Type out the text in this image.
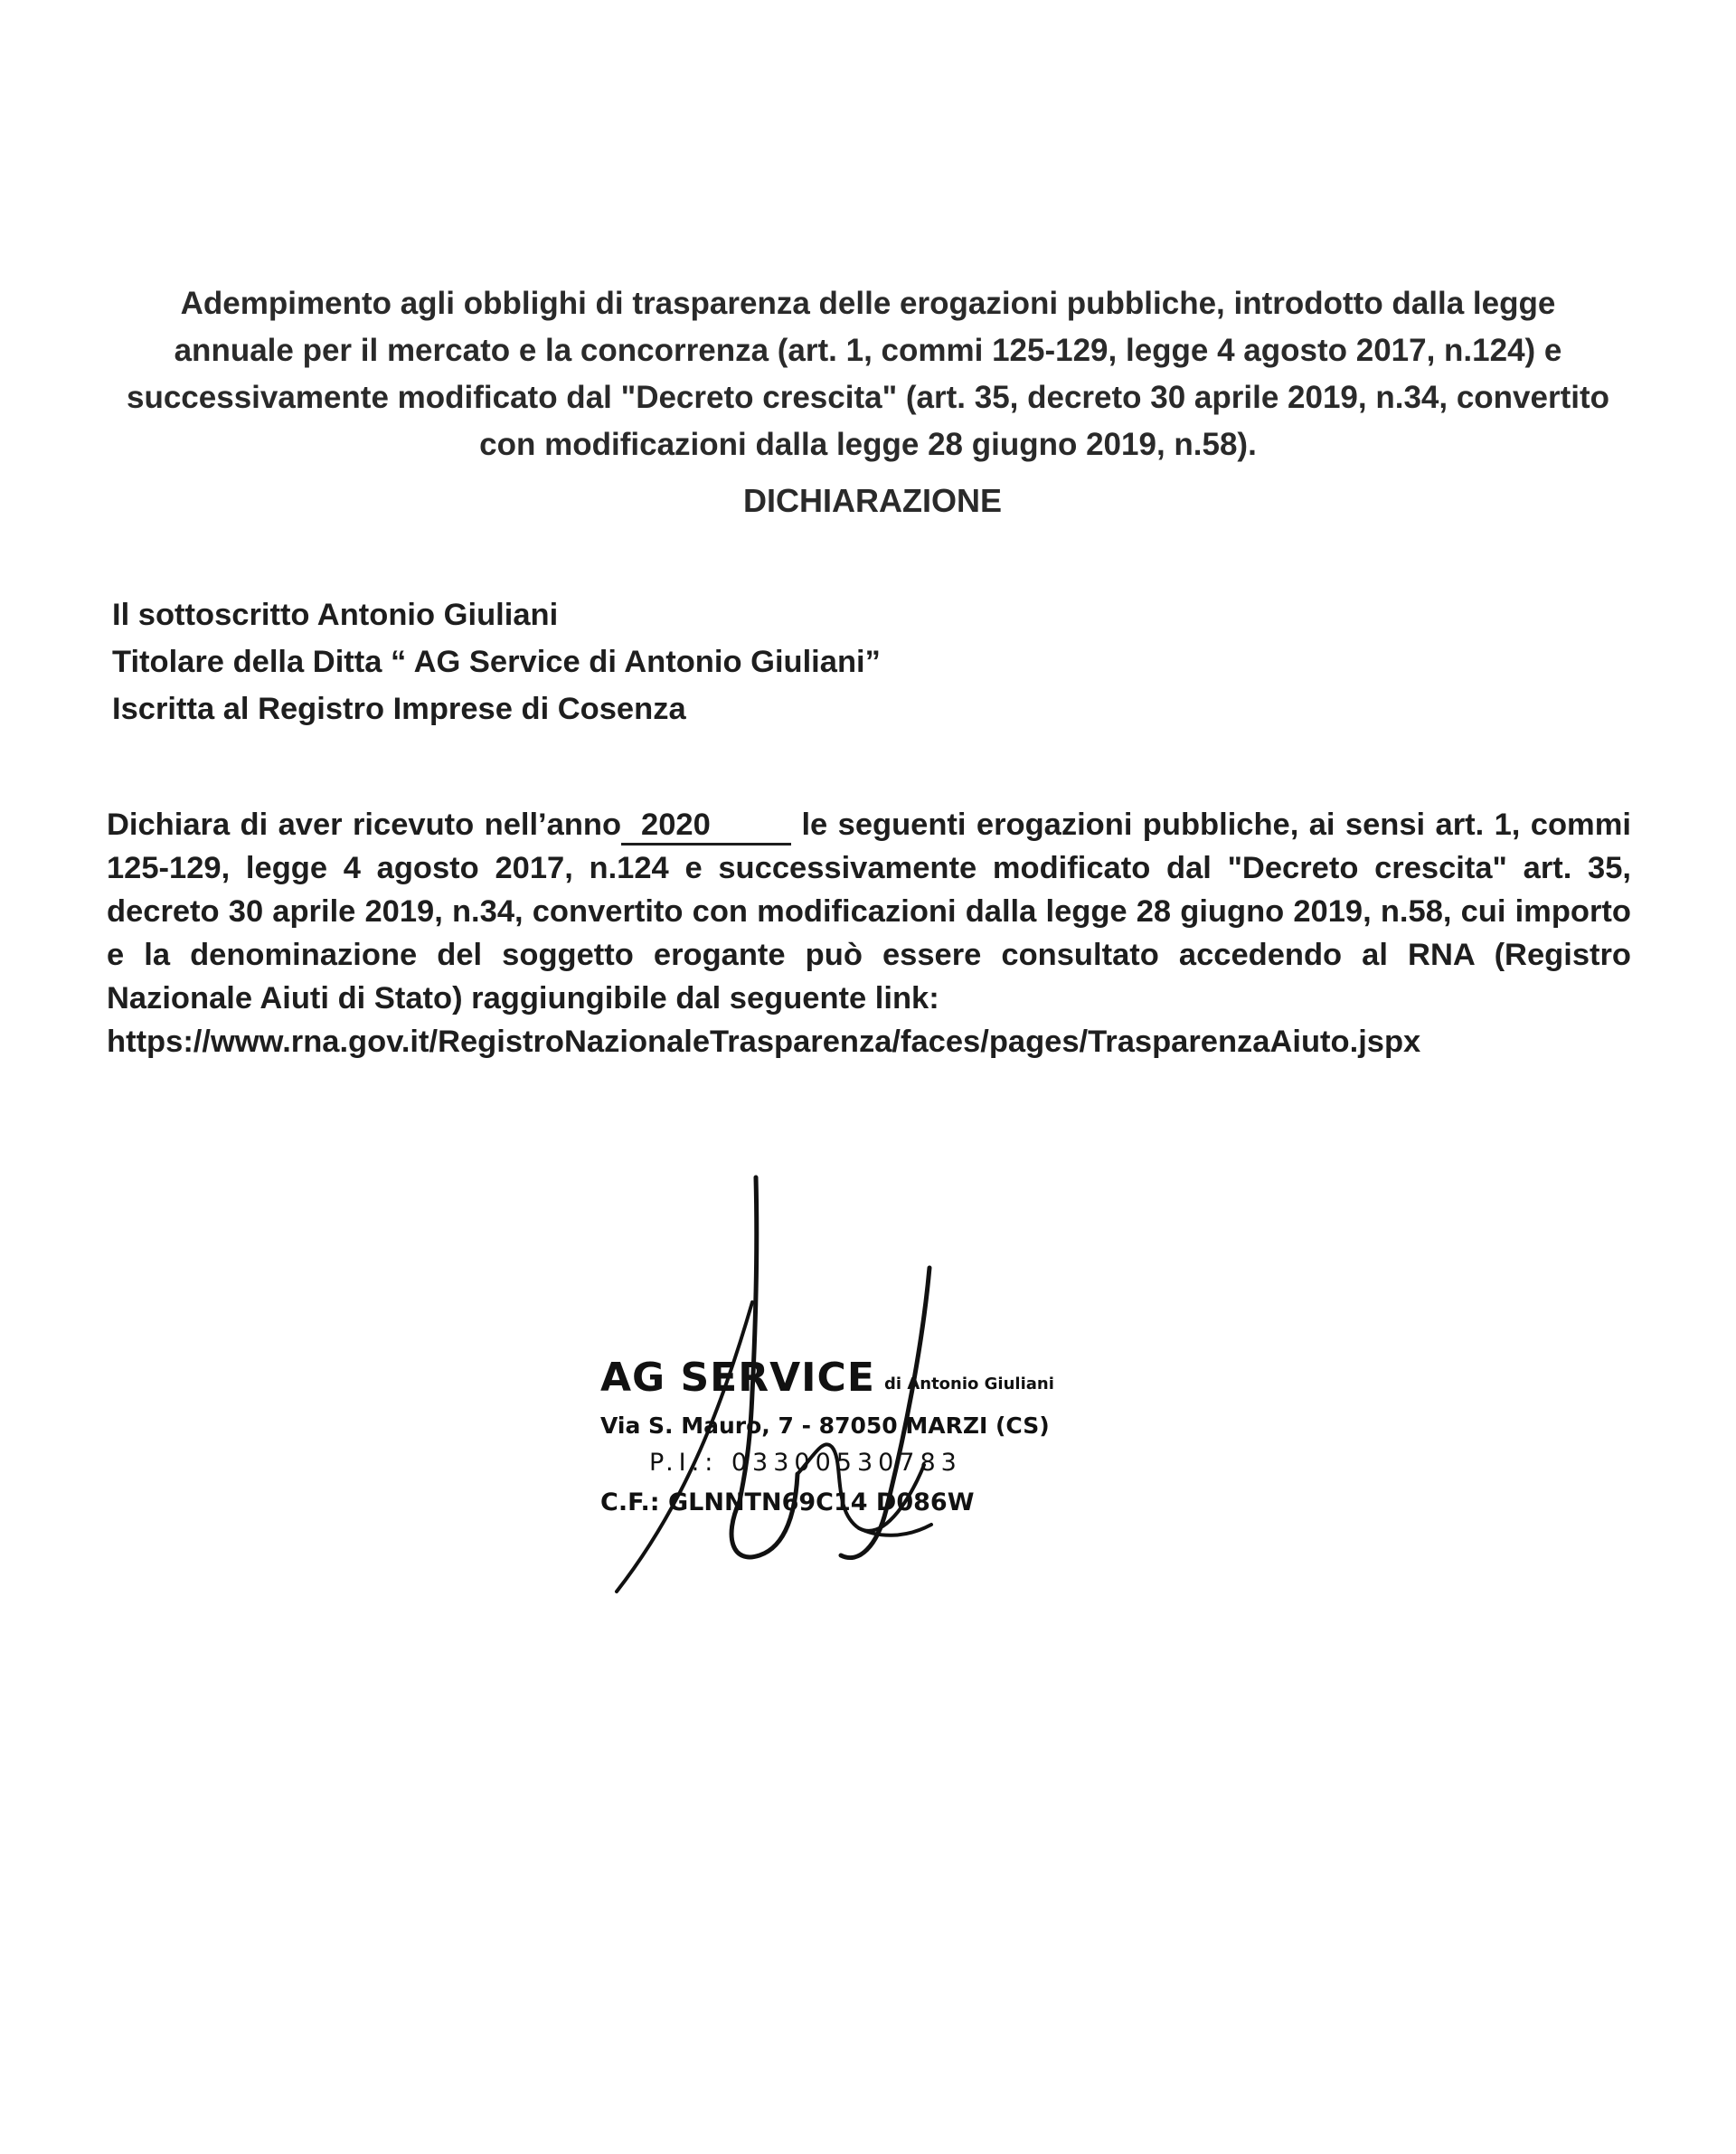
Adempimento agli obblighi di trasparenza delle erogazioni pubbliche, introdotto dalla legge annuale per il mercato e la concorrenza (art. 1, commi 125-129, legge 4 agosto 2017, n.124) e successivamente modificato dal "Decreto crescita" (art. 35, decreto 30 aprile 2019, n.34, convertito con modificazioni dalla legge 28 giugno 2019, n.58).

DICHIARAZIONE
Il sottoscritto Antonio Giuliani
Titolare della Ditta “ AG Service di Antonio Giuliani”
Iscritta al Registro Imprese di Cosenza

Dichiara di aver ricevuto nell’anno 2020	le seguenti erogazioni pubbliche, ai sensi art. 1, commi 125-129, legge 4 agosto 2017, n.124 e successivamente modificato dal "Decreto crescita" art. 35, decreto 30 aprile 2019, n.34, convertito con modificazioni dalla legge 28 giugno 2019, n.58, cui importo e la denominazione del soggetto erogante può essere consultato accedendo al RNA (Registro Nazionale Aiuti di Stato) raggiungibile dal seguente link:
https://www.rna.gov.it/RegistroNazionaleTrasparenza/faces/pages/TrasparenzaAiuto.jspx

AG SERVICE di Antonio Giuliani
Via S. Mauro, 7 - 87050 MARZI (CS)
P.I.: 03300530783
C.F.: GLNNTN69C14 D086W
